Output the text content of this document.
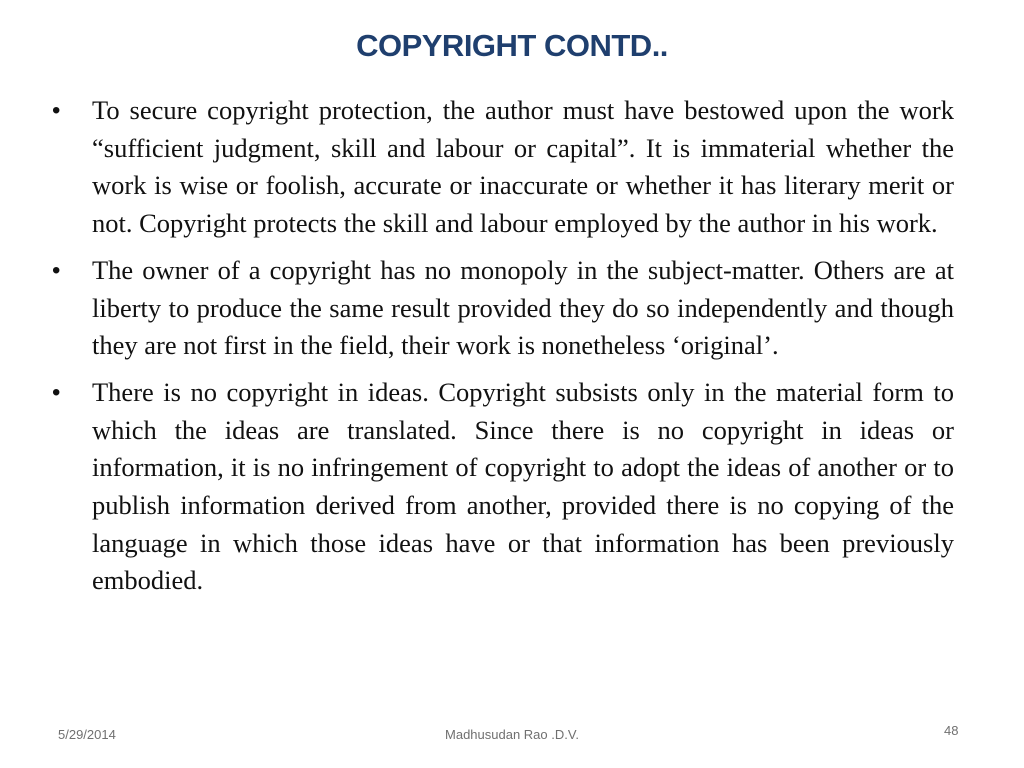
COPYRIGHT CONTD..
• To secure copyright protection, the author must have bestowed upon the work “sufficient judgment, skill and labour or capital”. It is immaterial whether the work is wise or foolish, accurate or inaccurate or whether it has literary merit or not. Copyright protects the skill and labour employed by the author in his work.
• The owner of a copyright has no monopoly in the subject-matter. Others are at liberty to produce the same result provided they do so independently and though they are not first in the field, their work is nonetheless ‘original’.
• There is no copyright in ideas. Copyright subsists only in the material form to which the ideas are translated. Since there is no copyright in ideas or information, it is no infringement of copyright to adopt the ideas of another or to publish information derived from another, provided there is no copying of the language in which those ideas have or that information has been previously embodied.
5/29/2014	Madhusudan Rao .D.V.	48
